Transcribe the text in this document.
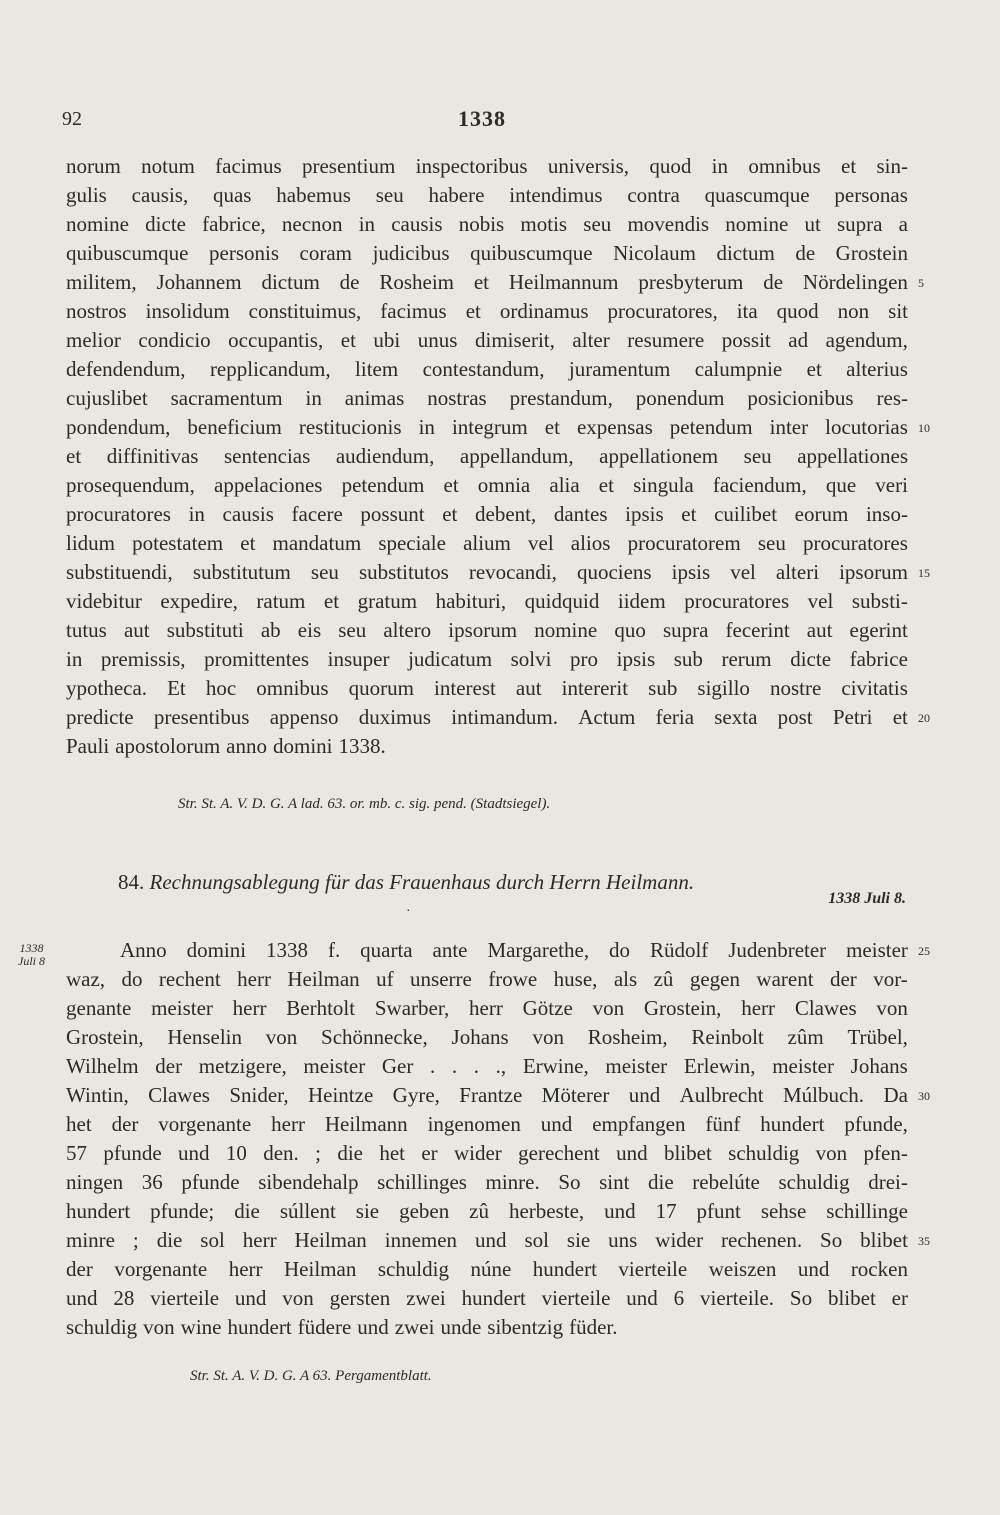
92	1338
norum notum facimus presentium inspectoribus universis, quod in omnibus et sin-
gulis causis, quas habemus seu habere intendimus contra quascumque personas
nomine dicte fabrice, necnon in causis nobis motis seu movendis nomine ut supra a
quibuscumque personis coram judicibus quibuscumque Nicolaum dictum de Grostein
militem, Johannem dictum de Rosheim et Heilmannum presbyterum de Nördelingen
nostros insolidum constituimus, facimus et ordinamus procuratores, ita quod non sit
melior condicio occupantis, et ubi unus dimiserit, alter resumere possit ad agendum,
defendendum, repplicandum, litem contestandum, juramentum calumpnie et alterius
cujuslibet sacramentum in animas nostras prestandum, ponendum posicionibus res-
pondendum, beneficium restitucionis in integrum et expensas petendum inter locutorias
et diffinitivas sentencias audiendum, appellandum, appellationem seu appellationes
prosequendum, appelaciones petendum et omnia alia et singula faciendum, que veri
procuratores in causis facere possunt et debent, dantes ipsis et cuilibet eorum inso-
lidum potestatem et mandatum speciale alium vel alios procuratorem seu procuratores
substituendi, substitutum seu substitutos revocandi, quociens ipsis vel alteri ipsorum
videbitur expedire, ratum et gratum habituri, quidquid iidem procuratores vel substi-
tutus aut substituti ab eis seu altero ipsorum nomine quo supra fecerint aut egerint
in premissis, promittentes insuper judicatum solvi pro ipsis sub rerum dicte fabrice
ypotheca. Et hoc omnibus quorum interest aut intererit sub sigillo nostre civitatis
predicte presentibus appenso duximus intimandum. Actum feria sexta post Petri et
Pauli apostolorum anno domini 1338.
5
10
15
20
Str. St. A. V. D. G. A lad. 63. or. mb. c. sig. pend. (Stadtsiegel).
84. Rechnungsablegung für das Frauenhaus durch Herrn Heilmann.
1338 Juli 8.
·
1338
Juli 8	Anno domini 1338 f. quarta ante Margarethe, do Rüdolf Judenbreter meister
waz, do rechent herr Heilman uf unserre frowe huse, als zû gegen warent der vor-
genante meister herr Berhtolt Swarber, herr Götze von Grostein, herr Clawes von
Grostein, Henselin von Schönnecke, Johans von Rosheim, Reinbolt zûm Trübel,
Wilhelm der metzigere, meister Ger . . . ., Erwine, meister Erlewin, meister Johans
Wintin, Clawes Snider, Heintze Gyre, Frantze Möterer und Aulbrecht Múlbuch. Da
het der vorgenante herr Heilmann ingenomen und empfangen fünf hundert pfunde,
57 pfunde und 10 den. ; die het er wider gerechent und blibet schuldig von pfen-
ningen 36 pfunde sibendehalp schillinges minre. So sint die rebelúte schuldig drei-
hundert pfunde; die súllent sie geben zû herbeste, und 17 pfunt sehse schillinge
minre ; die sol herr Heilman innemen und sol sie uns wider rechenen. So blibet
der vorgenante herr Heilman schuldig núne hundert vierteile weiszen und rocken
und 28 vierteile und von gersten zwei hundert vierteile und 6 vierteile. So blibet er
schuldig von wine hundert füdere und zwei unde sibentzig füder.
25
30
35
Str. St. A. V. D. G. A 63. Pergamentblatt.
